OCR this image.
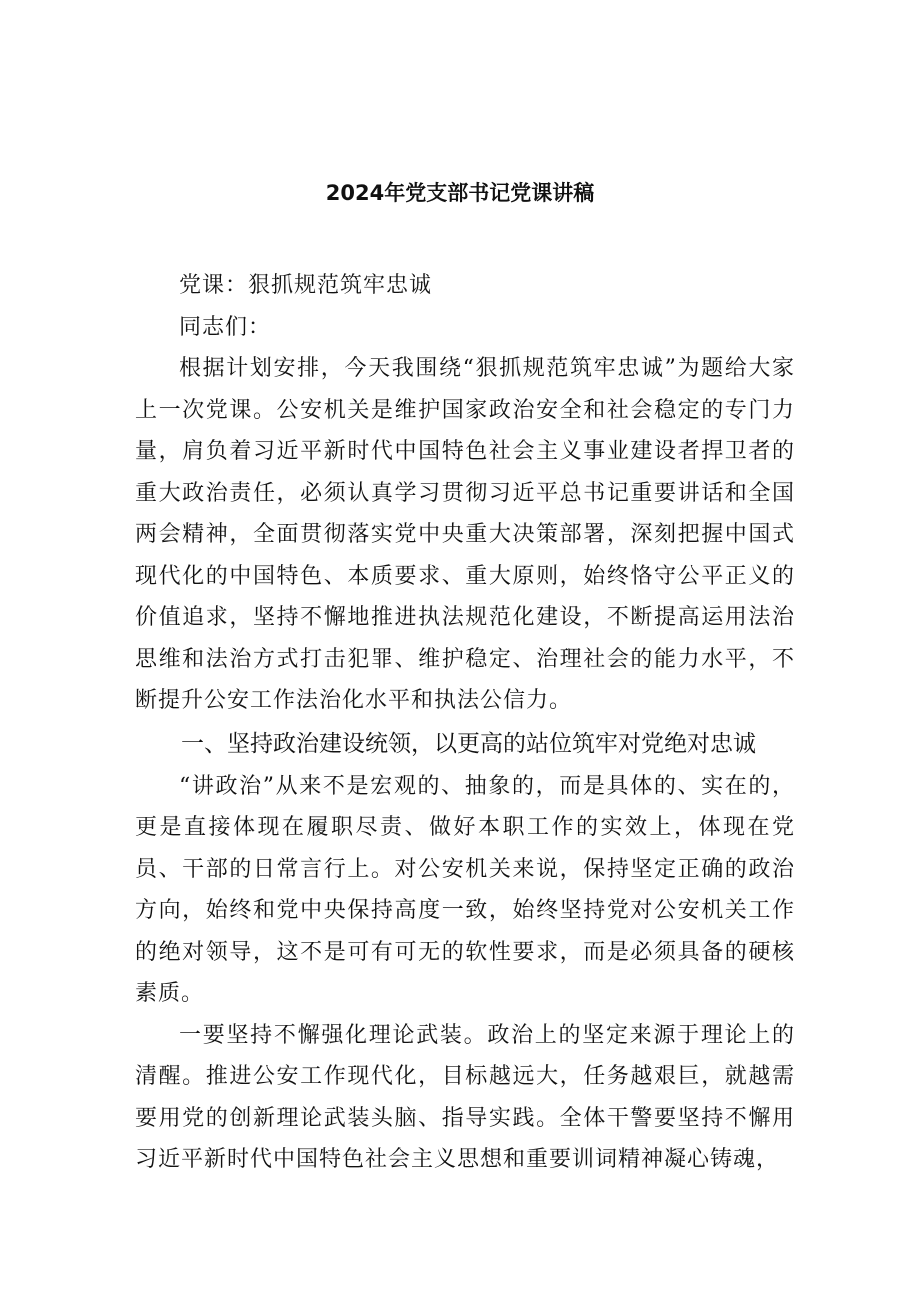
2024年党支部书记党课讲稿

党课：狠抓规范筑牢忠诚

同志们：

根据计划安排，今天我围绕“狠抓规范筑牢忠诚”为题给大家上一次党课。公安机关是维护国家政治安全和社会稳定的专门力量，肩负着习近平新时代中国特色社会主义事业建设者捍卫者的重大政治责任，必须认真学习贯彻习近平总书记重要讲话和全国两会精神，全面贯彻落实党中央重大决策部署，深刻把握中国式现代化的中国特色、本质要求、重大原则，始终恪守公平正义的价值追求，坚持不懈地推进执法规范化建设，不断提高运用法治思维和法治方式打击犯罪、维护稳定、治理社会的能力水平，不断提升公安工作法治化水平和执法公信力。

一、坚持政治建设统领，以更高的站位筑牢对党绝对忠诚

“讲政治”从来不是宏观的、抽象的，而是具体的、实在的，更是直接体现在履职尽责、做好本职工作的实效上，体现在党员、干部的日常言行上。对公安机关来说，保持坚定正确的政治方向，始终和党中央保持高度一致，始终坚持党对公安机关工作的绝对领导，这不是可有可无的软性要求，而是必须具备的硬核素质。

一要坚持不懈强化理论武装。政治上的坚定来源于理论上的清醒。推进公安工作现代化，目标越远大，任务越艰巨，就越需要用党的创新理论武装头脑、指导实践。全体干警要坚持不懈用习近平新时代中国特色社会主义思想和重要训词精神凝心铸魂，
